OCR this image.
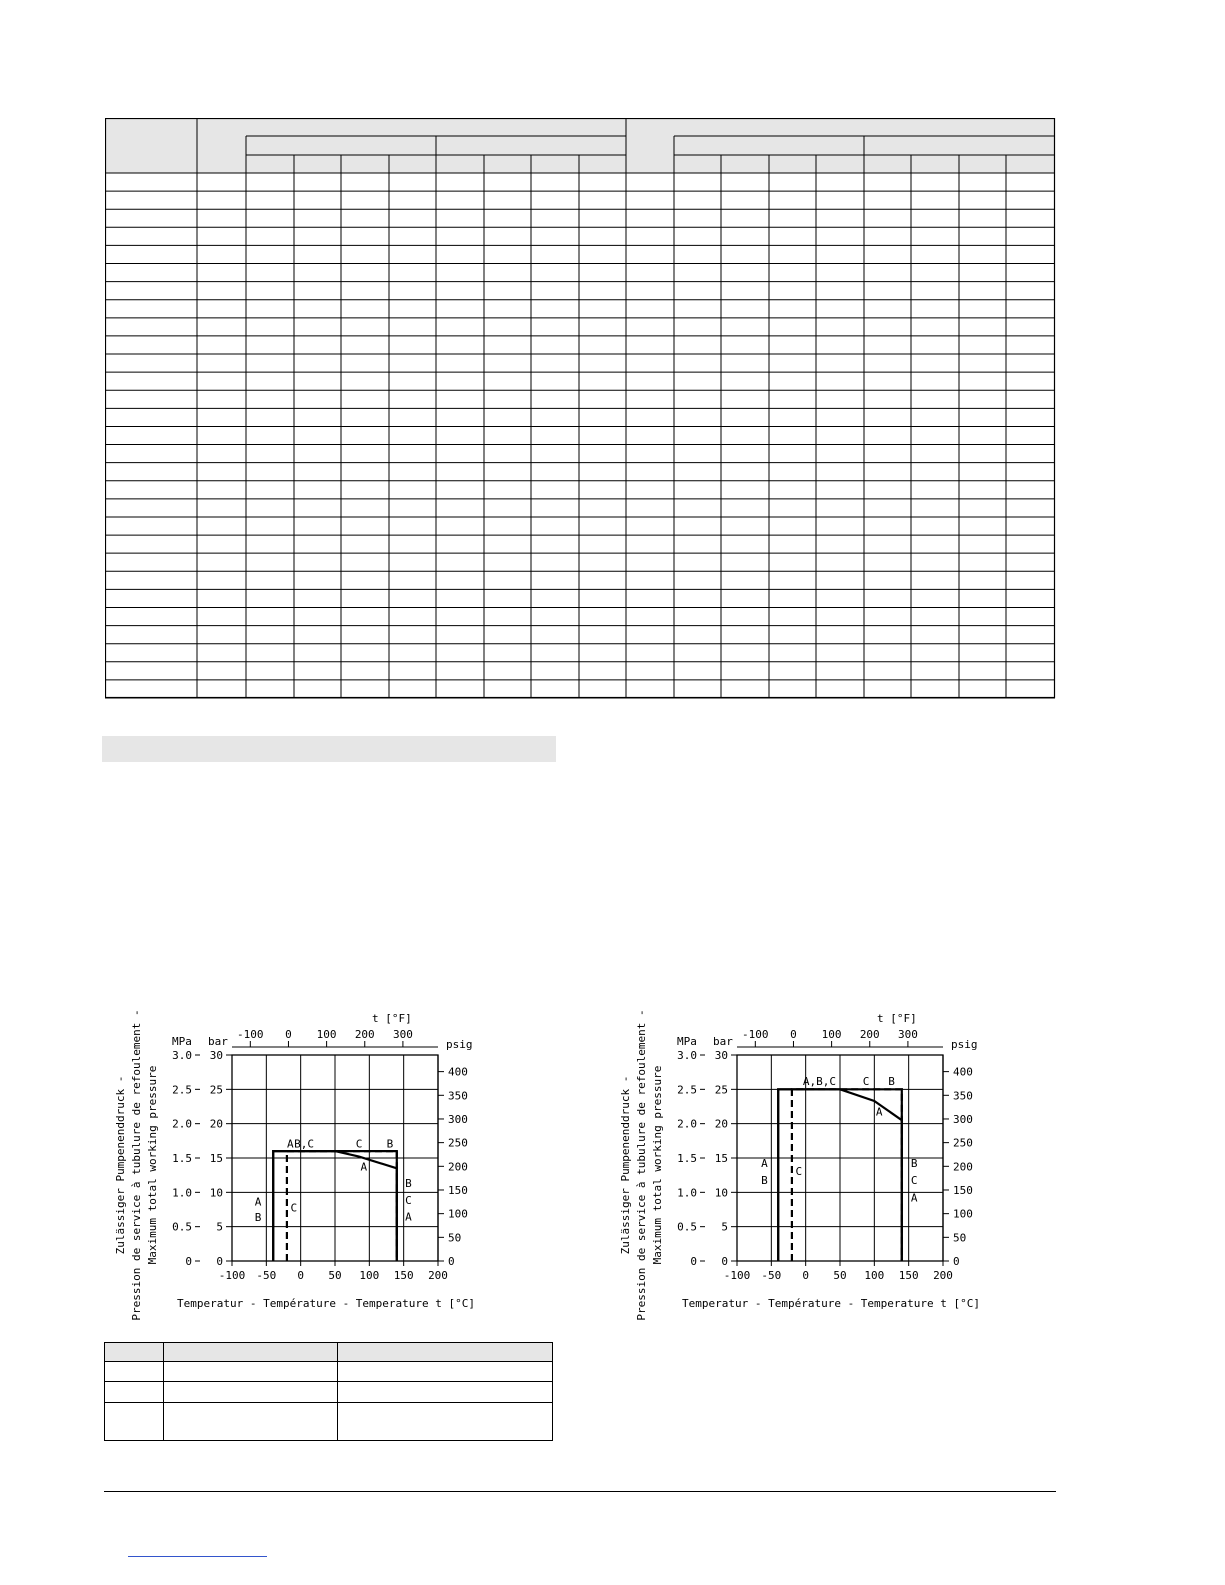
0
0
5
0.5
10
1.0
15
1.5
20
2.0
25
2.5
30
3.0
MPa bar
0
50
100
150
200
250
300
350
400
psig
-100 -50 0 50 100 150 200
-100 0 100 200 300
t [°F]
A B,C	C B
A
A
B
C
B
C
A
Temperatur - Température - Temperature t [°C]
Zulässiger Pumpenenddruck - Pression de service à tubulure de refoulement - Maximum total working pressure	0
0
5
0.5
10
1.0
15
1.5
20
2.0
25
2.5
30
3.0
MPa bar
0
50
100
150
200
250
300
350
400
psig
-100 -50 0 50 100 150 200
-100 0 100 200 300
t [°F]
A,B,C C B
A
A
B
C
B
C
A
Temperatur - Température - Temperature t [°C]
Zulässiger Pumpenenddruck - Pression de service à tubulure de refoulement - Maximum total working pressure
